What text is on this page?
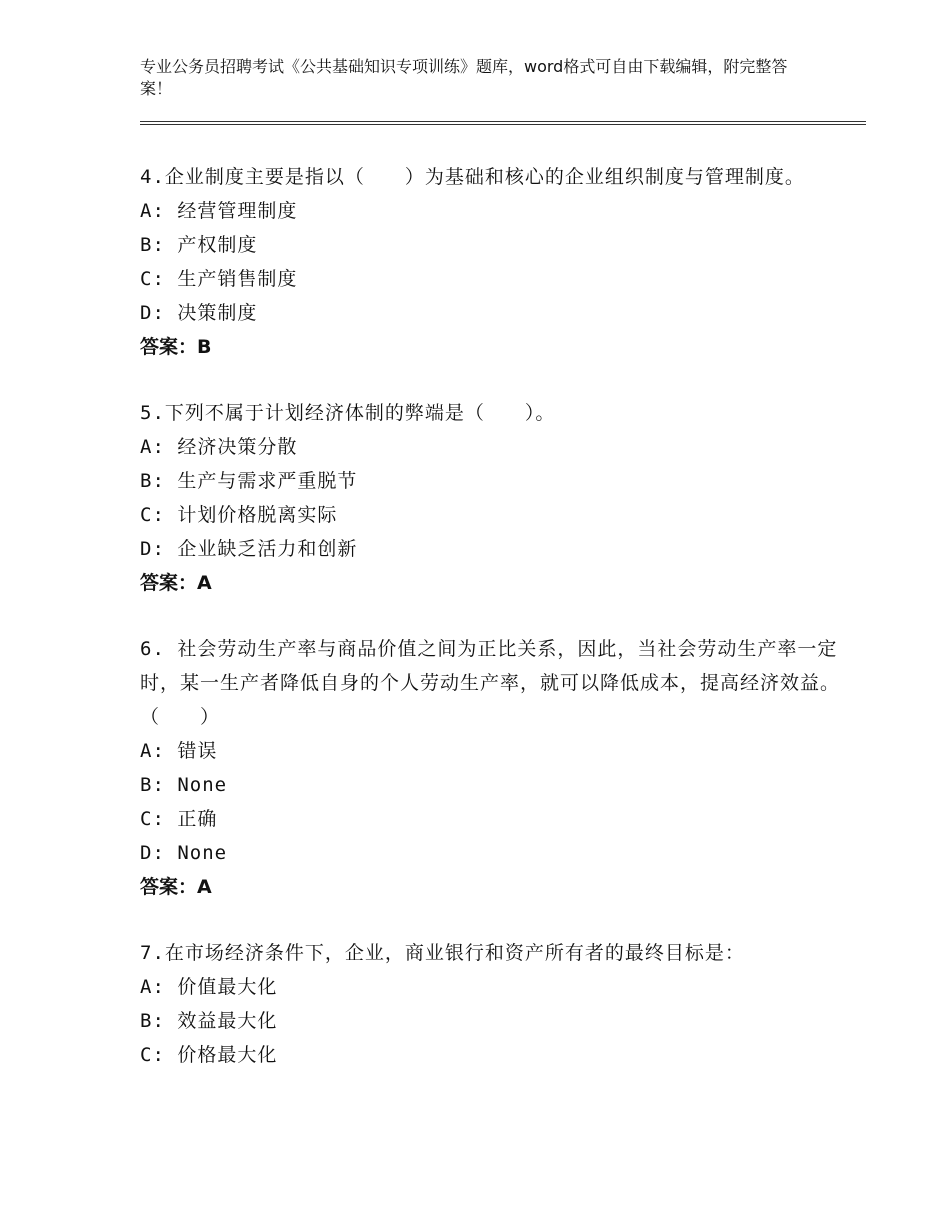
专业公务员招聘考试《公共基础知识专项训练》题库，word格式可自由下载编辑，附完整答案！

4.企业制度主要是指以（　　）为基础和核心的企业组织制度与管理制度。

A: 经营管理制度

B: 产权制度

C: 生产销售制度

D: 决策制度

答案：B

5.下列不属于计划经济体制的弊端是（　　）。

A: 经济决策分散

B: 生产与需求严重脱节

C: 计划价格脱离实际

D: 企业缺乏活力和创新

答案：A

6. 社会劳动生产率与商品价值之间为正比关系，因此，当社会劳动生产率一定时，某一生产者降低自身的个人劳动生产率，就可以降低成本，提高经济效益。（　　）

A: 错误

B: None

C: 正确

D: None

答案：A

7.在市场经济条件下，企业，商业银行和资产所有者的最终目标是：

A: 价值最大化

B: 效益最大化

C: 价格最大化
